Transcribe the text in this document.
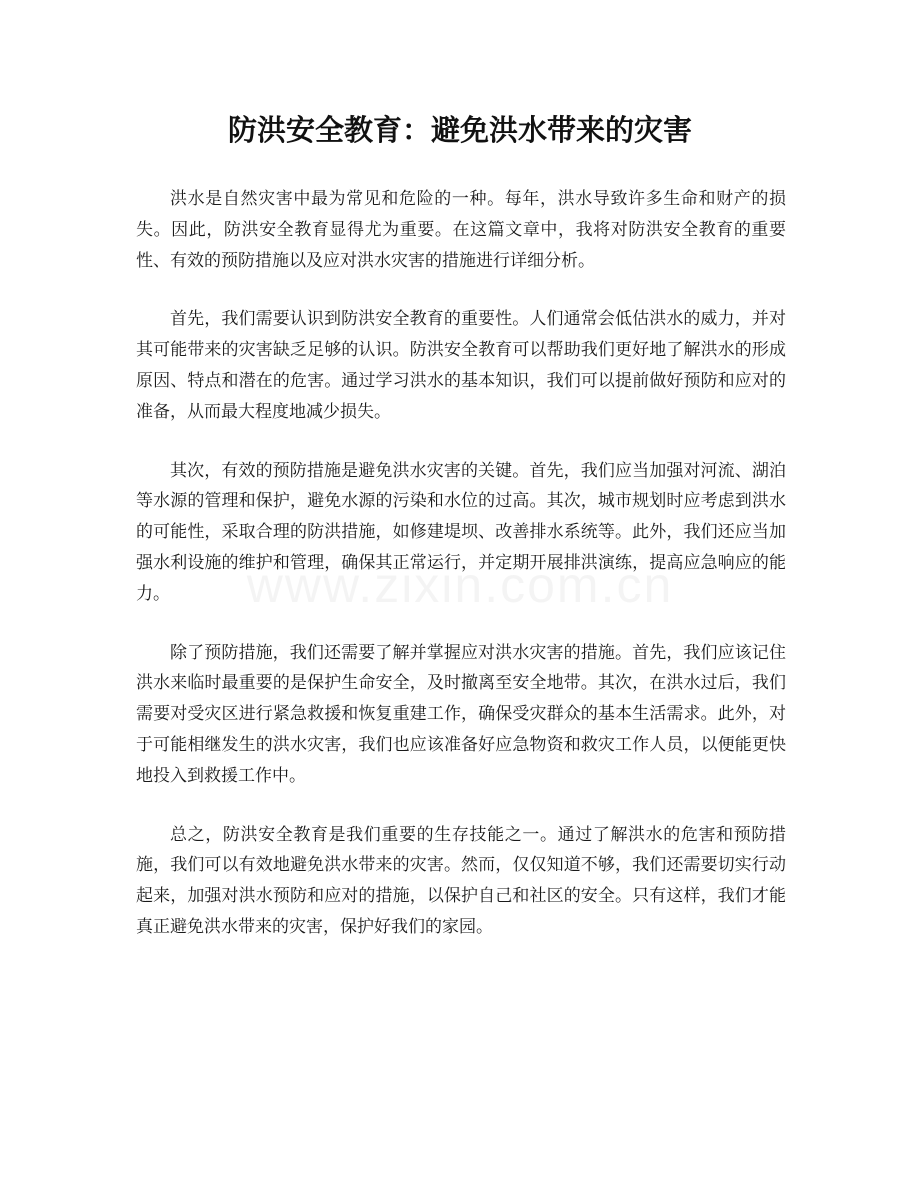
防洪安全教育：避免洪水带来的灾害

洪水是自然灾害中最为常见和危险的一种。每年，洪水导致许多生命和财产的损失。因此，防洪安全教育显得尤为重要。在这篇文章中，我将对防洪安全教育的重要性、有效的预防措施以及应对洪水灾害的措施进行详细分析。

首先，我们需要认识到防洪安全教育的重要性。人们通常会低估洪水的威力，并对其可能带来的灾害缺乏足够的认识。防洪安全教育可以帮助我们更好地了解洪水的形成原因、特点和潜在的危害。通过学习洪水的基本知识，我们可以提前做好预防和应对的准备，从而最大程度地减少损失。

其次，有效的预防措施是避免洪水灾害的关键。首先，我们应当加强对河流、湖泊等水源的管理和保护，避免水源的污染和水位的过高。其次，城市规划时应考虑到洪水的可能性，采取合理的防洪措施，如修建堤坝、改善排水系统等。此外，我们还应当加强水利设施的维护和管理，确保其正常运行，并定期开展排洪演练，提高应急响应的能力。

除了预防措施，我们还需要了解并掌握应对洪水灾害的措施。首先，我们应该记住洪水来临时最重要的是保护生命安全，及时撤离至安全地带。其次，在洪水过后，我们需要对受灾区进行紧急救援和恢复重建工作，确保受灾群众的基本生活需求。此外，对于可能相继发生的洪水灾害，我们也应该准备好应急物资和救灾工作人员，以便能更快地投入到救援工作中。

总之，防洪安全教育是我们重要的生存技能之一。通过了解洪水的危害和预防措施，我们可以有效地避免洪水带来的灾害。然而，仅仅知道不够，我们还需要切实行动起来，加强对洪水预防和应对的措施，以保护自己和社区的安全。只有这样，我们才能真正避免洪水带来的灾害，保护好我们的家园。
